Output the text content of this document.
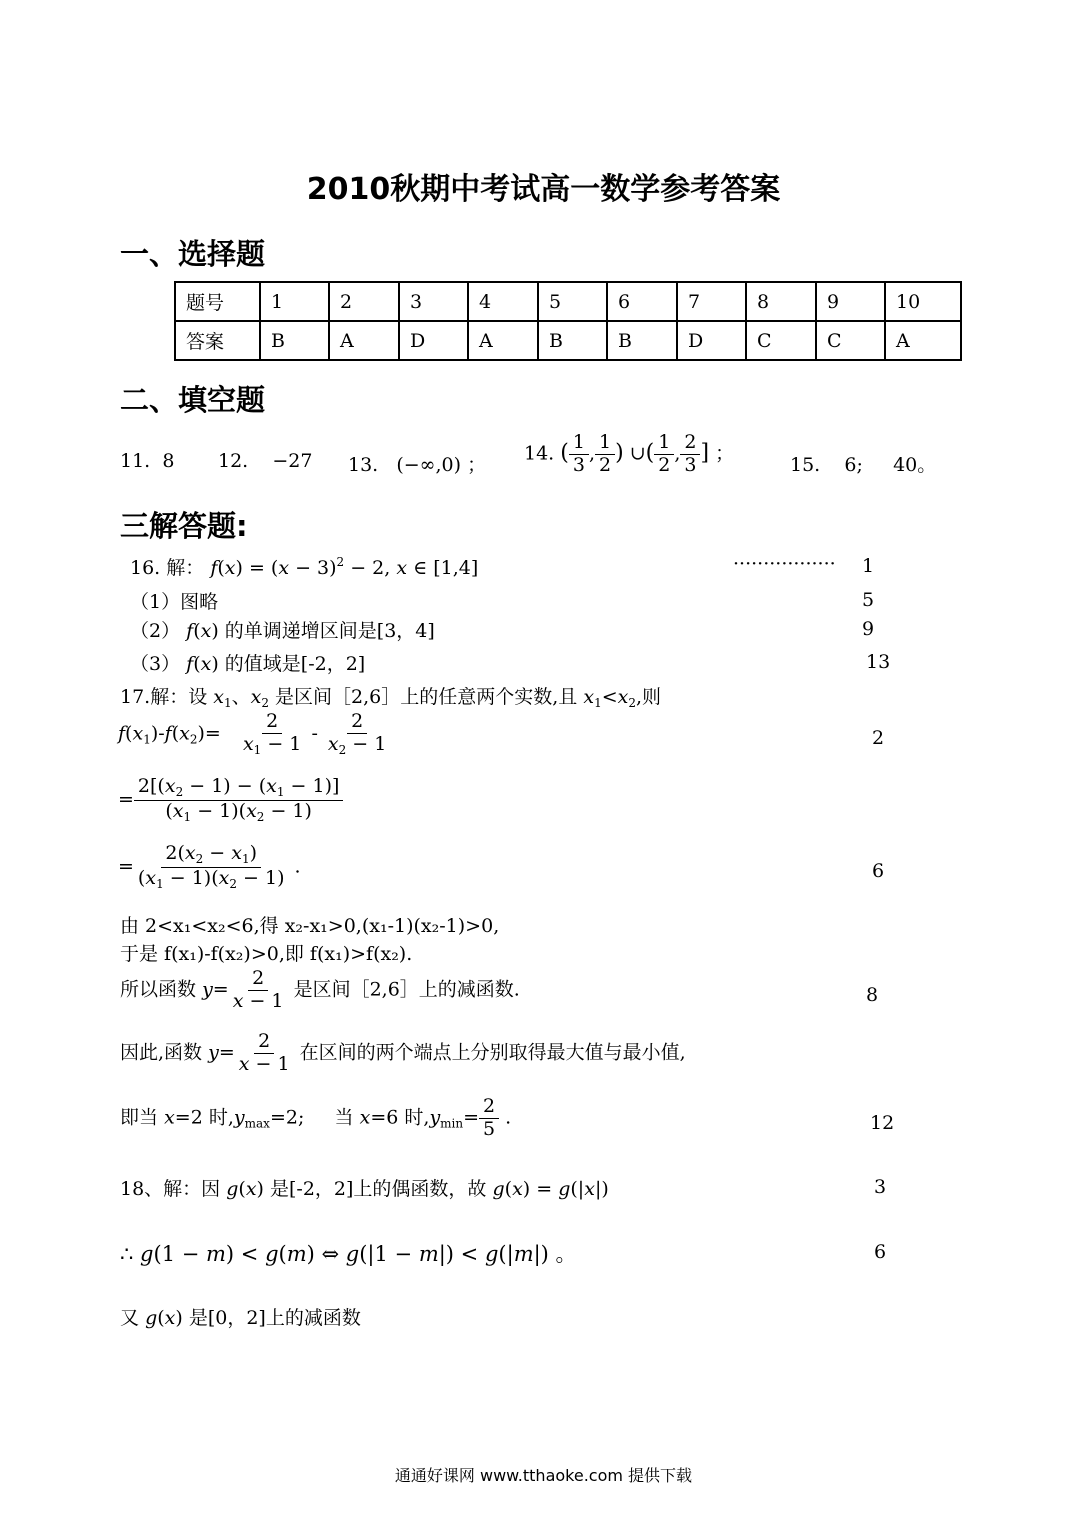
2010秋期中考试高一数学参考答案
一、选择题
题号	1	2	3	4	5	6	7	8	9	10
答案	B	A	D	A	B	B	D	C	C	A
二、填空题
11. 8 12. −27 13. (−∞,0) ；
14. ( $\frac{1}{3}$ , $\frac{1}{2}$ ) ∪( $\frac{1}{2}$ , $\frac{2}{3}$ ] ；
15. 6; 40。
三解答题:
16. 解： $f(x) = (x - 3)^2 - 2$, x ∈ [1,4]	················· 1
（1）图略	5
（2） f(x) 的单调递增区间是[3，4]	9
（3） f(x) 的值域是[-2，2]	13
17.解：设 $x_1$、$x_2$ 是区间［2,6］上的任意两个实数,且 $x_1<x_2$,则
$f(x_1)-f(x_2)= \frac{2}{x_1 - 1} - \frac{2}{x_2 - 1}$	2
= $\frac{2[(x_2 - 1) - (x_1 - 1)]}{(x_1 - 1)(x_2 - 1)}$
= $\frac{2(x_2 - x_1)}{(x_1 - 1)(x_2 - 1)}$ .	6
由 2<x₁<x₂<6,得 x₂-x₁>0,(x₁-1)(x₂-1)>0,
于是 f(x₁)-f(x₂)>0,即 f(x₁)>f(x₂).
所以函数 $y= \frac{2}{x - 1}$ 是区间［2,6］上的减函数.	8
因此,函数 $y= \frac{2}{x - 1}$ 在区间的两个端点上分别取得最大值与最小值,
即当 x=2 时$,y_{max}=2$;     当 x=6 时$,y_{min}= \frac{2}{5}$ .	12
18、解：因 g(x) 是[-2，2]上的偶函数，故 g(x) = g(|x|)	3
∴ g(1 − m) < g(m) ⇔ g(|1 − m|) < g(|m|) 。	6
又 g(x) 是[0，2]上的减函数
通通好课网 www.tthaoke.com 提供下载
